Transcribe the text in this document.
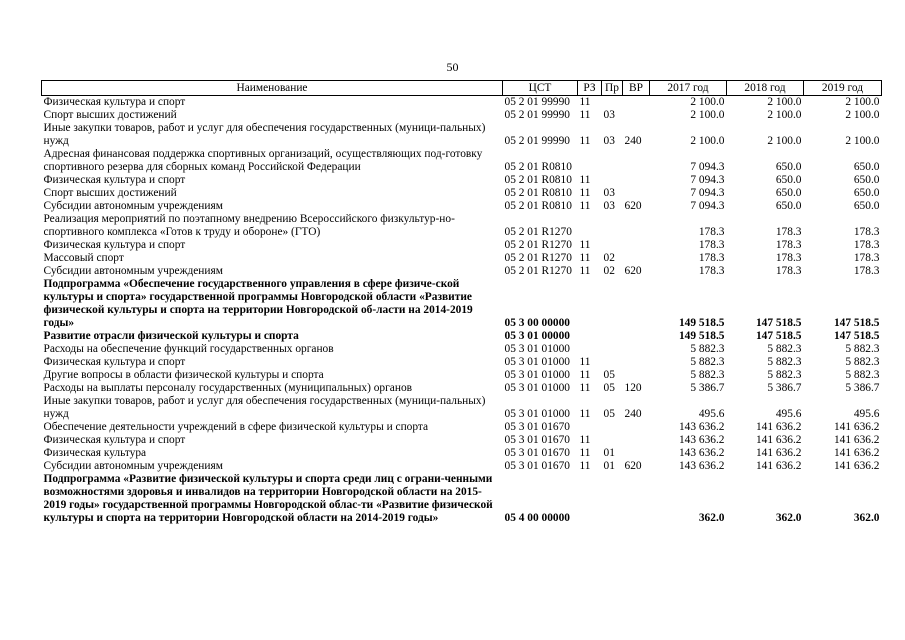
50
Наименование	ЦСТ	РЗ	Пр	ВР	2017 год	2018 год	2019 год
Физическая культура и спорт	05 2 01 99990	11			2 100.0	2 100.0	2 100.0
Спорт высших достижений	05 2 01 99990	11	03		2 100.0	2 100.0	2 100.0
Иные закупки товаров, работ и услуг для обеспечения государственных (муници-пальных) нужд	05 2 01 99990	11	03	240	2 100.0	2 100.0	2 100.0
Адресная финансовая поддержка спортивных организаций, осуществляющих под-готовку спортивного резерва для сборных команд Российской Федерации	05 2 01 R0810				7 094.3	650.0	650.0
Физическая культура и спорт	05 2 01 R0810	11			7 094.3	650.0	650.0
Спорт высших достижений	05 2 01 R0810	11	03		7 094.3	650.0	650.0
Субсидии автономным учреждениям	05 2 01 R0810	11	03	620	7 094.3	650.0	650.0
Реализация мероприятий по поэтапному внедрению Всероссийского физкультур-но-спортивного комплекса «Готов к труду и обороне» (ГТО)	05 2 01 R1270				178.3	178.3	178.3
Физическая культура и спорт	05 2 01 R1270	11			178.3	178.3	178.3
Массовый спорт	05 2 01 R1270	11	02		178.3	178.3	178.3
Субсидии автономным учреждениям	05 2 01 R1270	11	02	620	178.3	178.3	178.3
Подпрограмма «Обеспечение государственного управления в сфере физиче-ской культуры и спорта» государственной программы Новгородской области «Развитие физической культуры и спорта на территории Новгородской об-ласти на 2014-2019 годы»	05 3 00 00000				149 518.5	147 518.5	147 518.5
Развитие отрасли физической культуры и спорта	05 3 01 00000				149 518.5	147 518.5	147 518.5
Расходы на обеспечение функций государственных органов	05 3 01 01000				5 882.3	5 882.3	5 882.3
Физическая культура и спорт	05 3 01 01000	11			5 882.3	5 882.3	5 882.3
Другие вопросы в области физической культуры и спорта	05 3 01 01000	11	05		5 882.3	5 882.3	5 882.3
Расходы на выплаты персоналу государственных (муниципальных) органов	05 3 01 01000	11	05	120	5 386.7	5 386.7	5 386.7
Иные закупки товаров, работ и услуг для обеспечения государственных (муници-пальных) нужд	05 3 01 01000	11	05	240	495.6	495.6	495.6
Обеспечение деятельности учреждений в сфере физической культуры и спорта	05 3 01 01670				143 636.2	141 636.2	141 636.2
Физическая культура и спорт	05 3 01 01670	11			143 636.2	141 636.2	141 636.2
Физическая культура	05 3 01 01670	11	01		143 636.2	141 636.2	141 636.2
Субсидии автономным учреждениям	05 3 01 01670	11	01	620	143 636.2	141 636.2	141 636.2
Подпрограмма «Развитие физической культуры и спорта среди лиц с ограни-ченными возможностями здоровья и инвалидов на территории Новгородской области на 2015-2019 годы» государственной программы Новгородской облас-ти «Развитие физической культуры и спорта на территории Новгородской области на 2014-2019 годы»	05 4 00 00000				362.0	362.0	362.0
